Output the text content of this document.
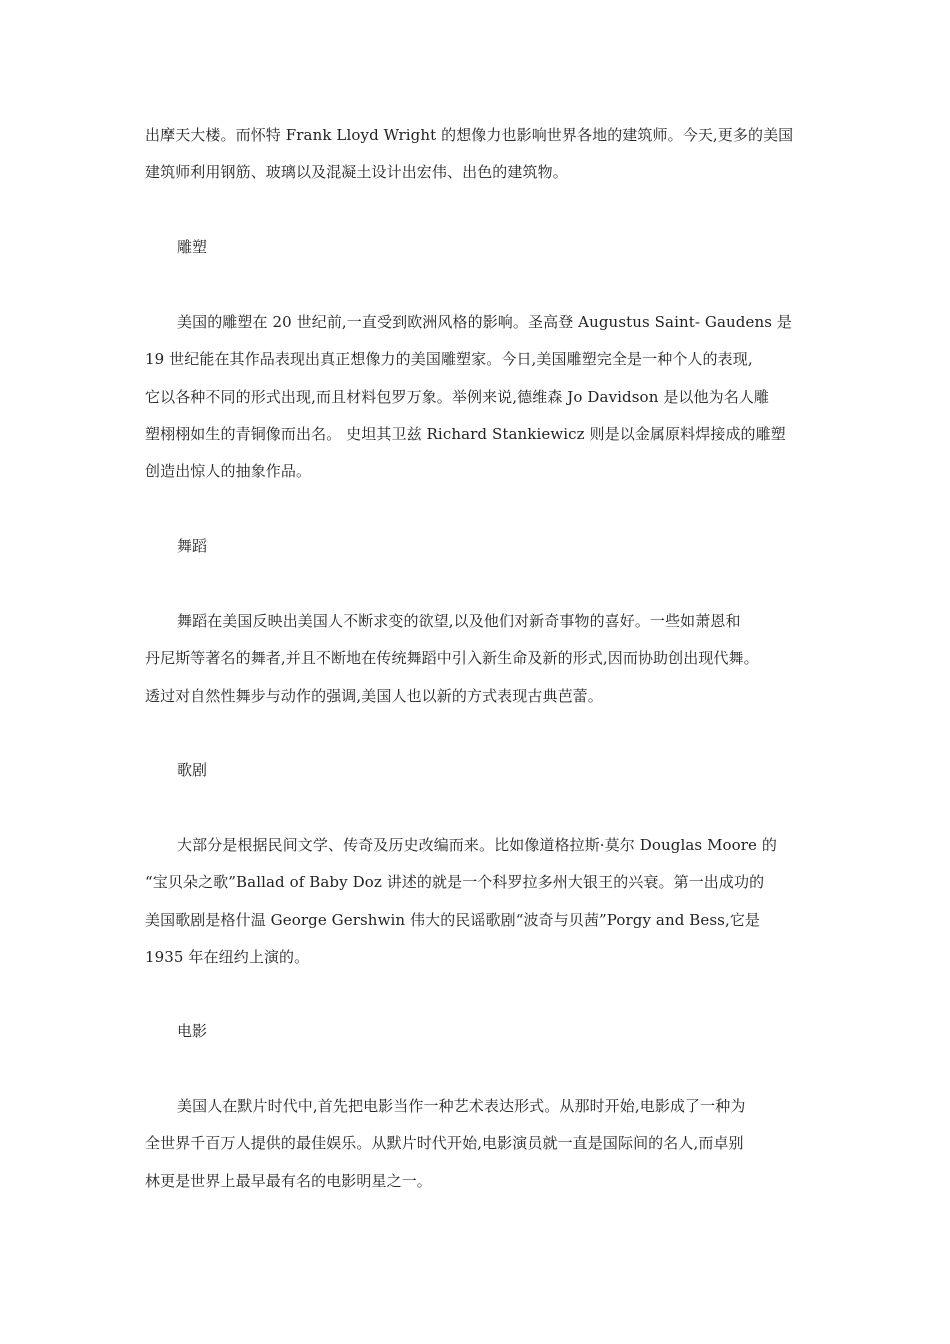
出摩天大楼。而怀特 Frank Lloyd Wright 的想像力也影响世界各地的建筑师。今天,更多的美国
建筑师利用钢筋、玻璃以及混凝土设计出宏伟、出色的建筑物。
雕塑
美国的雕塑在 20 世纪前,一直受到欧洲风格的影响。圣高登 Augustus Saint- Gaudens 是
19 世纪能在其作品表现出真正想像力的美国雕塑家。今日,美国雕塑完全是一种个人的表现,
它以各种不同的形式出现,而且材料包罗万象。举例来说,德维森 Jo Davidson 是以他为名人雕
塑栩栩如生的青铜像而出名。 史坦其卫兹 Richard Stankiewicz 则是以金属原料焊接成的雕塑
创造出惊人的抽象作品。
舞蹈
舞蹈在美国反映出美国人不断求变的欲望,以及他们对新奇事物的喜好。一些如萧恩和
丹尼斯等著名的舞者,并且不断地在传统舞蹈中引入新生命及新的形式,因而协助创出现代舞。
透过对自然性舞步与动作的强调,美国人也以新的方式表现古典芭蕾。
歌剧
大部分是根据民间文学、传奇及历史改编而来。比如像道格拉斯·莫尔 Douglas Moore 的
“宝贝朵之歌”Ballad of Baby Doz 讲述的就是一个科罗拉多州大银王的兴衰。第一出成功的
美国歌剧是格什温 George Gershwin 伟大的民谣歌剧“波奇与贝茜”Porgy and Bess,它是
1935 年在纽约上演的。
电影
美国人在默片时代中,首先把电影当作一种艺术表达形式。从那时开始,电影成了一种为
全世界千百万人提供的最佳娱乐。从默片时代开始,电影演员就一直是国际间的名人,而卓别
林更是世界上最早最有名的电影明星之一。
